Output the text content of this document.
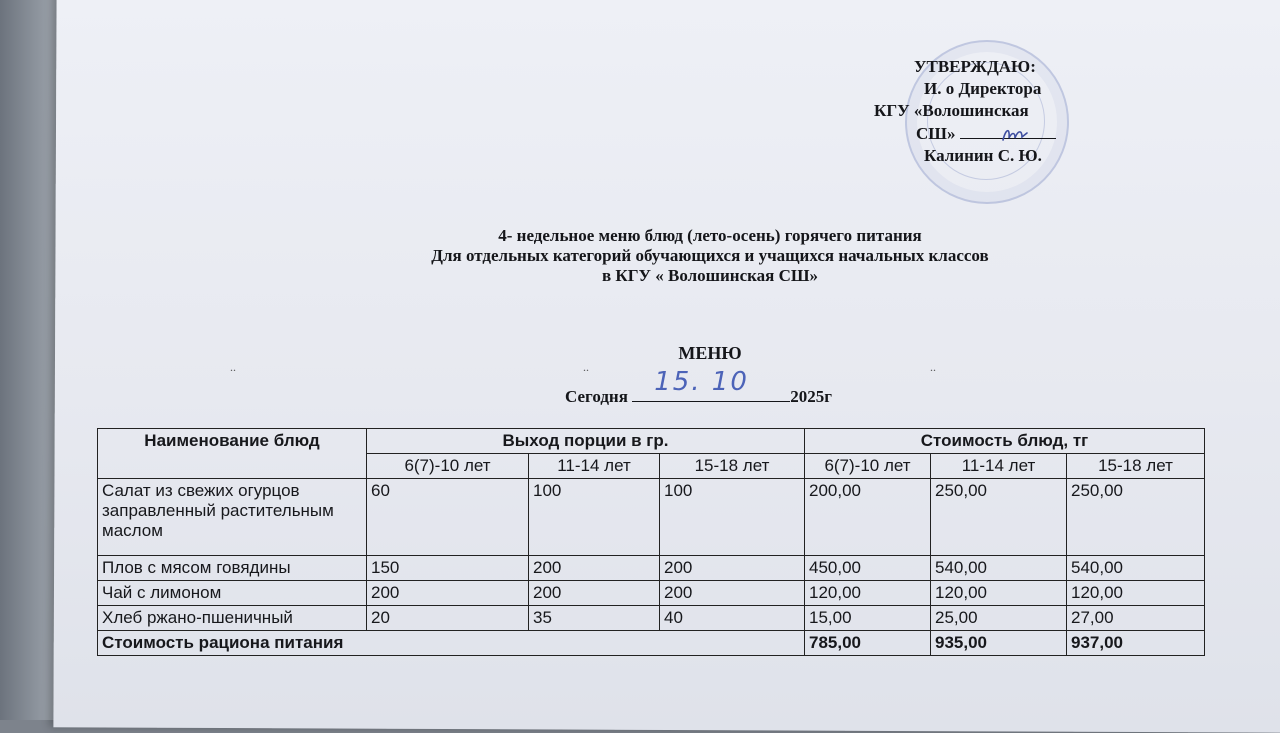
УТВЕРЖДАЮ:
И. о Директора
КГУ «Волошинская
СШ»
Калинин С. Ю.
4- недельное меню блюд (лето-осень) горячего питания
Для отдельных категорий обучающихся и учащихся начальных классов
в КГУ « Волошинская СШ»
..	..	..
МЕНЮ
Сегодня 15. 10 2025г
Наименование блюд	Выход порции в гр.			Стоимость блюд, тг		
	6(7)-10 лет	11-14 лет	15-18 лет	6(7)-10 лет	11-14 лет	15-18 лет
Салат из свежих огурцов заправленный растительным маслом	60	100	100	200,00	250,00	250,00
Плов с мясом говядины	150	200	200	450,00	540,00	540,00
Чай с лимоном	200	200	200	120,00	120,00	120,00
Хлеб ржано-пшеничный	20	35	40	15,00	25,00	27,00
Стоимость рациона питания				785,00	935,00	937,00
